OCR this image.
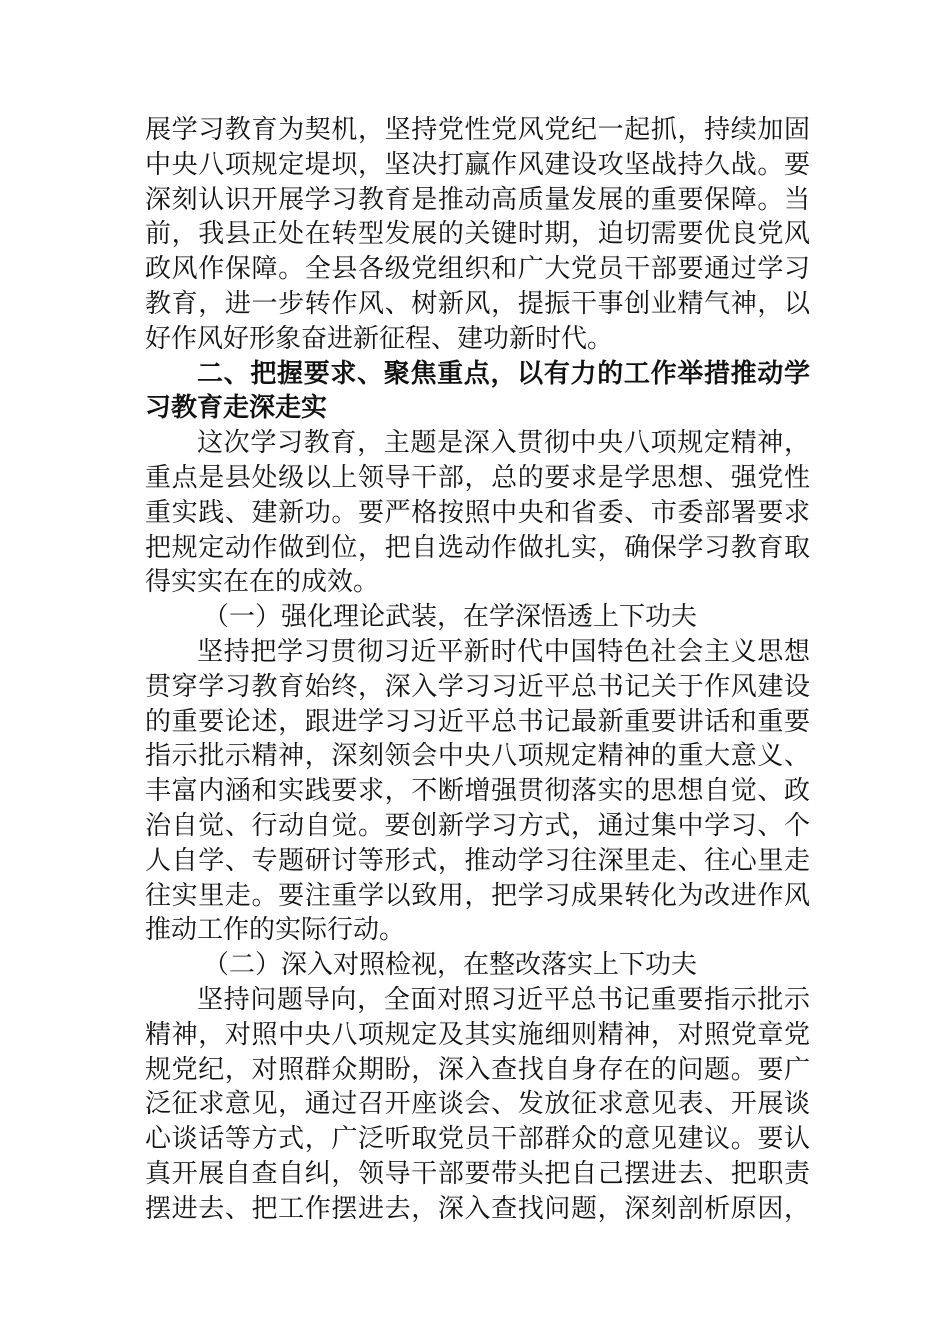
展学习教育为契机，坚持党性党风党纪一起抓，持续加固
中央八项规定堤坝，坚决打赢作风建设攻坚战持久战。要
深刻认识开展学习教育是推动高质量发展的重要保障。当
前，我县正处在转型发展的关键时期，迫切需要优良党风
政风作保障。全县各级党组织和广大党员干部要通过学习
教育，进一步转作风、树新风，提振干事创业精气神，以
好作风好形象奋进新征程、建功新时代。
二、把握要求、聚焦重点，以有力的工作举措推动学
习教育走深走实
这次学习教育，主题是深入贯彻中央八项规定精神，
重点是县处级以上领导干部，总的要求是学思想、强党性
重实践、建新功。要严格按照中央和省委、市委部署要求
把规定动作做到位，把自选动作做扎实，确保学习教育取
得实实在在的成效。
（一）强化理论武装，在学深悟透上下功夫
坚持把学习贯彻习近平新时代中国特色社会主义思想
贯穿学习教育始终，深入学习习近平总书记关于作风建设
的重要论述，跟进学习习近平总书记最新重要讲话和重要
指示批示精神，深刻领会中央八项规定精神的重大意义、
丰富内涵和实践要求，不断增强贯彻落实的思想自觉、政
治自觉、行动自觉。要创新学习方式，通过集中学习、个
人自学、专题研讨等形式，推动学习往深里走、往心里走
往实里走。要注重学以致用，把学习成果转化为改进作风
推动工作的实际行动。
（二）深入对照检视，在整改落实上下功夫
坚持问题导向，全面对照习近平总书记重要指示批示
精神，对照中央八项规定及其实施细则精神，对照党章党
规党纪，对照群众期盼，深入查找自身存在的问题。要广
泛征求意见，通过召开座谈会、发放征求意见表、开展谈
心谈话等方式，广泛听取党员干部群众的意见建议。要认
真开展自查自纠，领导干部要带头把自己摆进去、把职责
摆进去、把工作摆进去，深入查找问题，深刻剖析原因，
